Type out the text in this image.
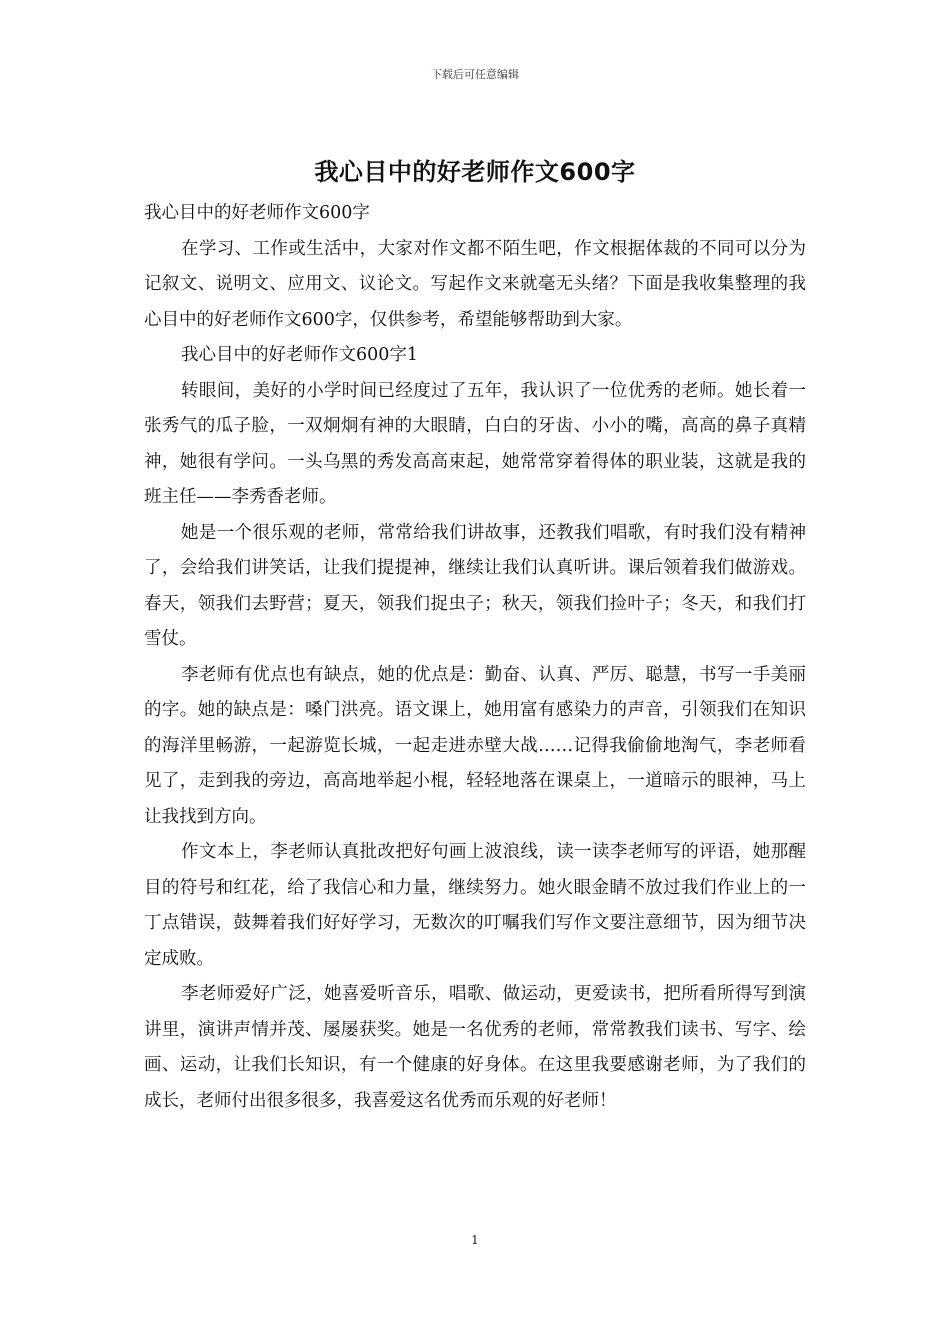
下载后可任意编辑
我心目中的好老师作文600字

我心目中的好老师作文600字

在学习、工作或生活中，大家对作文都不陌生吧，作文根据体裁的不同可以分为记叙文、说明文、应用文、议论文。写起作文来就毫无头绪？下面是我收集整理的我心目中的好老师作文600字，仅供参考，希望能够帮助到大家。

我心目中的好老师作文600字1

转眼间，美好的小学时间已经度过了五年，我认识了一位优秀的老师。她长着一张秀气的瓜子脸，一双炯炯有神的大眼睛，白白的牙齿、小小的嘴，高高的鼻子真精神，她很有学问。一头乌黑的秀发高高束起，她常常穿着得体的职业装，这就是我的班主任——李秀香老师。

她是一个很乐观的老师，常常给我们讲故事，还教我们唱歌，有时我们没有精神了，会给我们讲笑话，让我们提提神，继续让我们认真听讲。课后领着我们做游戏。春天，领我们去野营；夏天，领我们捉虫子；秋天，领我们捡叶子；冬天，和我们打雪仗。

李老师有优点也有缺点，她的优点是：勤奋、认真、严厉、聪慧，书写一手美丽的字。她的缺点是：嗓门洪亮。语文课上，她用富有感染力的声音，引领我们在知识的海洋里畅游，一起游览长城，一起走进赤壁大战……记得我偷偷地淘气，李老师看见了，走到我的旁边，高高地举起小棍，轻轻地落在课桌上，一道暗示的眼神，马上让我找到方向。

作文本上，李老师认真批改把好句画上波浪线，读一读李老师写的评语，她那醒目的符号和红花，给了我信心和力量，继续努力。她火眼金睛不放过我们作业上的一丁点错误，鼓舞着我们好好学习，无数次的叮嘱我们写作文要注意细节，因为细节决定成败。

李老师爱好广泛，她喜爱听音乐，唱歌、做运动，更爱读书，把所看所得写到演讲里，演讲声情并茂、屡屡获奖。她是一名优秀的老师，常常教我们读书、写字、绘画、运动，让我们长知识，有一个健康的好身体。在这里我要感谢老师，为了我们的成长，老师付出很多很多，我喜爱这名优秀而乐观的好老师！

1
